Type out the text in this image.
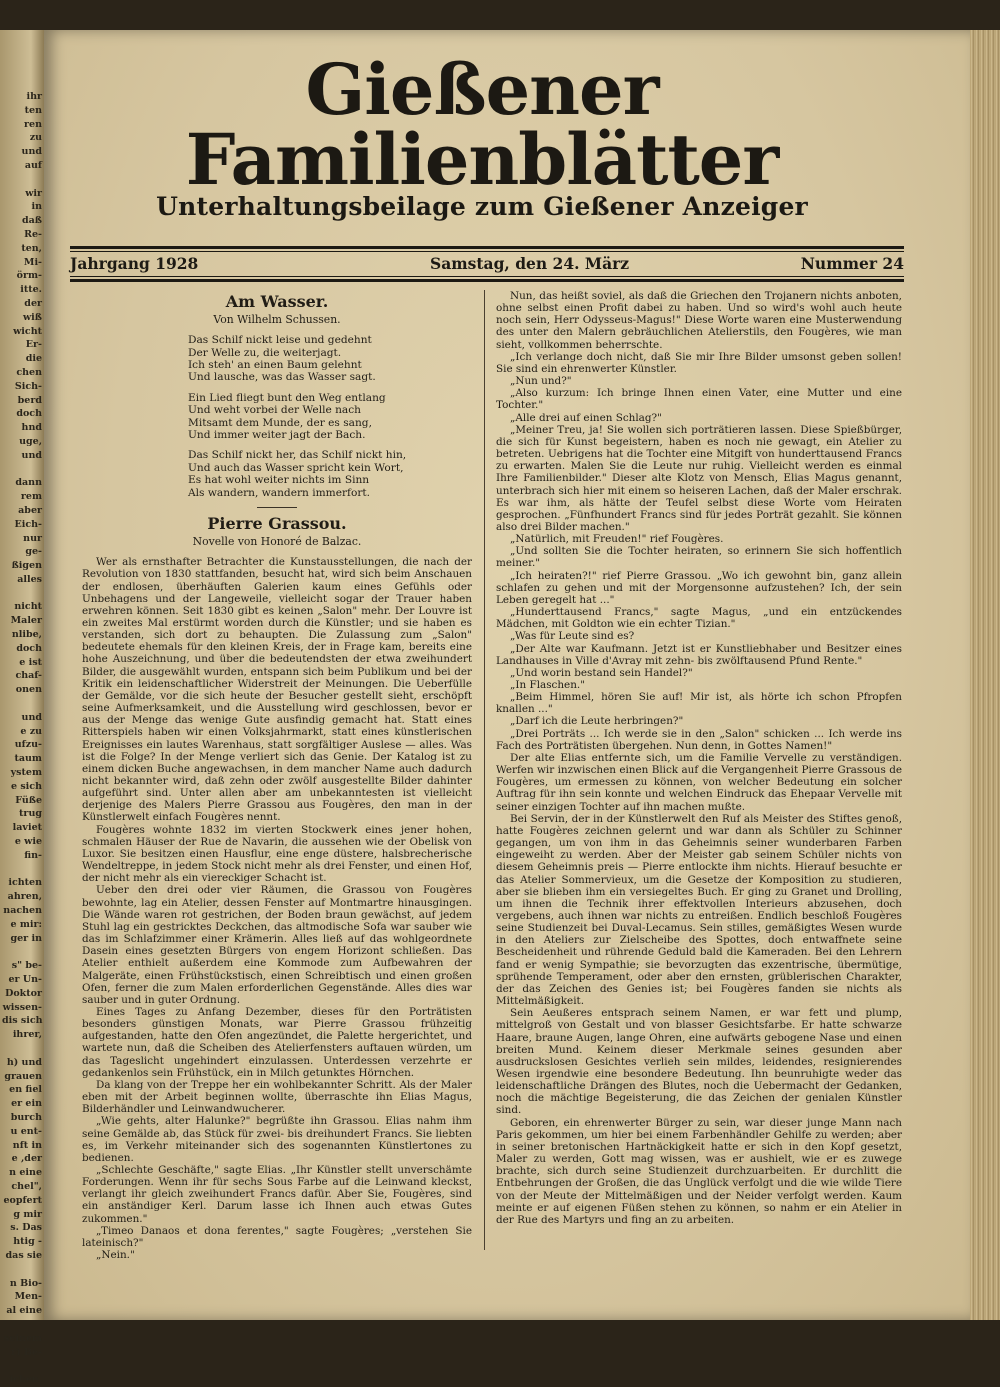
ihr
ten
ren
zu
und
auf

wir
in
daß
Re-
ten,
Mi-
örm-
itte.
der
wiß
wicht
Er-
die
chen
Sich-
berd
doch
hnd
uge,
und

dann
rem
aber
Eich-
nur
ge-
ßigen
alles

nicht
Maler
nlibe,
doch
e ist
chaf-
onen

und
e zu
ufzu-
taum
ystem
e sich
Füße
trug
laviet
e wie
fin-

ichten
ahren,
nachen
e mir:
ger in

s" be-
er Un-
Doktor
wissen-
dis sich
ihrer,

h) und
grauen
en fiel
er ein
burch
u ent-
nft in
e ,der
n eine
chel",
eopfert
g mir
s. Das
htig -
das sie

n Bio-
Men-
al eine

seinem
r) Be-

ichen.
Gießener Familienblätter
Unterhaltungsbeilage zum Gießener Anzeiger
Jahrgang 1928	Samstag, den 24. März	Nummer 24
Am Wasser.
Von Wilhelm Schussen.
Das Schilf nickt leise und gedehnt
Der Welle zu, die weiterjagt.
Ich steh' an einen Baum gelehnt
Und lausche, was das Wasser sagt.
Ein Lied fliegt bunt den Weg entlang
Und weht vorbei der Welle nach
Mitsamt dem Munde, der es sang,
Und immer weiter jagt der Bach.
Das Schilf nickt her, das Schilf nickt hin,
Und auch das Wasser spricht kein Wort,
Es hat wohl weiter nichts im Sinn
Als wandern, wandern immerfort.
Pierre Grassou.
Novelle von Honoré de Balzac.

Wer als ernsthafter Betrachter die Kunstausstellungen, die nach der Revolution von 1830 stattfanden, besucht hat, wird sich beim Anschauen der endlosen, überhäuften Galerien kaum eines Gefühls oder Unbehagens und der Langeweile, vielleicht sogar der Trauer haben erwehren können. Seit 1830 gibt es keinen „Salon" mehr. Der Louvre ist ein zweites Mal erstürmt worden durch die Künstler; und sie haben es verstanden, sich dort zu behaupten. Die Zulassung zum „Salon" bedeutete ehemals für den kleinen Kreis, der in Frage kam, bereits eine hohe Auszeichnung, und über die bedeutendsten der etwa zweihundert Bilder, die ausgewählt wurden, entspann sich beim Publikum und bei der Kritik ein leidenschaftlicher Widerstreit der Meinungen. Die Ueberfülle der Gemälde, vor die sich heute der Besucher gestellt sieht, erschöpft seine Aufmerksamkeit, und die Ausstellung wird geschlossen, bevor er aus der Menge das wenige Gute ausfindig gemacht hat. Statt eines Ritterspiels haben wir einen Volksjahrmarkt, statt eines künstlerischen Ereignisses ein lautes Warenhaus, statt sorgfältiger Auslese — alles. Was ist die Folge? In der Menge verliert sich das Genie. Der Katalog ist zu einem dicken Buche angewachsen, in dem mancher Name auch dadurch nicht bekannter wird, daß zehn oder zwölf ausgestellte Bilder dahinter aufgeführt sind. Unter allen aber am unbekanntesten ist vielleicht derjenige des Malers Pierre Grassou aus Fougères, den man in der Künstlerwelt einfach Fougères nennt.

Fougères wohnte 1832 im vierten Stockwerk eines jener hohen, schmalen Häuser der Rue de Navarin, die aussehen wie der Obelisk von Luxor. Sie besitzen einen Hausflur, eine enge düstere, halsbrecherische Wendeltreppe, in jedem Stock nicht mehr als drei Fenster, und einen Hof, der nicht mehr als ein viereckiger Schacht ist.

Ueber den drei oder vier Räumen, die Grassou von Fougères bewohnte, lag ein Atelier, dessen Fenster auf Montmartre hinausgingen. Die Wände waren rot gestrichen, der Boden braun gewächst, auf jedem Stuhl lag ein gestricktes Deckchen, das altmodische Sofa war sauber wie das im Schlafzimmer einer Krämerin. Alles ließ auf das wohlgeordnete Dasein eines gesetzten Bürgers von engem Horizont schließen. Das Atelier enthielt außerdem eine Kommode zum Aufbewahren der Malgeräte, einen Frühstückstisch, einen Schreibtisch und einen großen Ofen, ferner die zum Malen erforderlichen Gegenstände. Alles dies war sauber und in guter Ordnung.

Eines Tages zu Anfang Dezember, dieses für den Porträtisten besonders günstigen Monats, war Pierre Grassou frühzeitig aufgestanden, hatte den Ofen angezündet, die Palette hergerichtet, und wartete nun, daß die Scheiben des Atelierfensters auftauen würden, um das Tageslicht ungehindert einzulassen. Unterdessen verzehrte er gedankenlos sein Frühstück, ein in Milch getunktes Hörnchen.

Da klang von der Treppe her ein wohlbekannter Schritt. Als der Maler eben mit der Arbeit beginnen wollte, überraschte ihn Elias Magus, Bilderhändler und Leinwandwucherer.

„Wie gehts, alter Halunke?" begrüßte ihn Grassou. Elias nahm ihm seine Gemälde ab, das Stück für zwei- bis dreihundert Francs. Sie liebten es, im Verkehr miteinander sich des sogenannten Künstlertones zu bedienen.

„Schlechte Geschäfte," sagte Elias. „Ihr Künstler stellt unverschämte Forderungen. Wenn ihr für sechs Sous Farbe auf die Leinwand kleckst, verlangt ihr gleich zweihundert Francs dafür. Aber Sie, Fougères, sind ein anständiger Kerl. Darum lasse ich Ihnen auch etwas Gutes zukommen."

„Timeo Danaos et dona ferentes," sagte Fougères; „verstehen Sie lateinisch?"

„Nein."

Nun, das heißt soviel, als daß die Griechen den Trojanern nichts anboten, ohne selbst einen Profit dabei zu haben. Und so wird's wohl auch heute noch sein, Herr Odysseus-Magus!" Diese Worte waren eine Musterwendung des unter den Malern gebräuchlichen Atelierstils, den Fougères, wie man sieht, vollkommen beherrschte.

„Ich verlange doch nicht, daß Sie mir Ihre Bilder umsonst geben sollen! Sie sind ein ehrenwerter Künstler.

„Nun und?"

„Also kurzum: Ich bringe Ihnen einen Vater, eine Mutter und eine Tochter."

„Alle drei auf einen Schlag?"

„Meiner Treu, ja! Sie wollen sich porträtieren lassen. Diese Spießbürger, die sich für Kunst begeistern, haben es noch nie gewagt, ein Atelier zu betreten. Uebrigens hat die Tochter eine Mitgift von hunderttausend Francs zu erwarten. Malen Sie die Leute nur ruhig. Vielleicht werden es einmal Ihre Familienbilder." Dieser alte Klotz von Mensch, Elias Magus genannt, unterbrach sich hier mit einem so heiseren Lachen, daß der Maler erschrak. Es war ihm, als hätte der Teufel selbst diese Worte vom Heiraten gesprochen. „Fünfhundert Francs sind für jedes Porträt gezahlt. Sie können also drei Bilder machen."

„Natürlich, mit Freuden!" rief Fougères.

„Und sollten Sie die Tochter heiraten, so erinnern Sie sich hoffentlich meiner."

„Ich heiraten?!" rief Pierre Grassou. „Wo ich gewohnt bin, ganz allein schlafen zu gehen und mit der Morgensonne aufzustehen? Ich, der sein Leben geregelt hat ..."

„Hunderttausend Francs," sagte Magus, „und ein entzückendes Mädchen, mit Goldton wie ein echter Tizian."

„Was für Leute sind es?

„Der Alte war Kaufmann. Jetzt ist er Kunstliebhaber und Besitzer eines Landhauses in Ville d'Avray mit zehn- bis zwölftausend Pfund Rente."

„Und worin bestand sein Handel?"

„In Flaschen."

„Beim Himmel, hören Sie auf! Mir ist, als hörte ich schon Pfropfen knallen ..."

„Darf ich die Leute herbringen?"

„Drei Porträts ... Ich werde sie in den „Salon" schicken ... Ich werde ins Fach des Porträtisten übergehen. Nun denn, in Gottes Namen!"

Der alte Elias entfernte sich, um die Familie Vervelle zu verständigen. Werfen wir inzwischen einen Blick auf die Vergangenheit Pierre Grassous de Fougères, um ermessen zu können, von welcher Bedeutung ein solcher Auftrag für ihn sein konnte und welchen Eindruck das Ehepaar Vervelle mit seiner einzigen Tochter auf ihn machen mußte.

Bei Servin, der in der Künstlerwelt den Ruf als Meister des Stiftes genoß, hatte Fougères zeichnen gelernt und war dann als Schüler zu Schinner gegangen, um von ihm in das Geheimnis seiner wunderbaren Farben eingeweiht zu werden. Aber der Meister gab seinem Schüler nichts von diesem Geheimnis preis — Pierre entlockte ihm nichts. Hierauf besuchte er das Atelier Sommervieux, um die Gesetze der Komposition zu studieren, aber sie blieben ihm ein versiegeltes Buch. Er ging zu Granet und Drolling, um ihnen die Technik ihrer effektvollen Interieurs abzusehen, doch vergebens, auch ihnen war nichts zu entreißen. Endlich beschloß Fougères seine Studienzeit bei Duval-Lecamus. Sein stilles, gemäßigtes Wesen wurde in den Ateliers zur Zielscheibe des Spottes, doch entwaffnete seine Bescheidenheit und rührende Geduld bald die Kameraden. Bei den Lehrern fand er wenig Sympathie; sie bevorzugten das exzentrische, übermütige, sprühende Temperament, oder aber den ernsten, grüblerischen Charakter, der das Zeichen des Genies ist; bei Fougères fanden sie nichts als Mittelmäßigkeit.

Sein Aeußeres entsprach seinem Namen, er war fett und plump, mittelgroß von Gestalt und von blasser Gesichtsfarbe. Er hatte schwarze Haare, braune Augen, lange Ohren, eine aufwärts gebogene Nase und einen breiten Mund. Keinem dieser Merkmale seines gesunden aber ausdruckslosen Gesichtes verlieh sein mildes, leidendes, resignierendes Wesen irgendwie eine besondere Bedeutung. Ihn beunruhigte weder das leidenschaftliche Drängen des Blutes, noch die Uebermacht der Gedanken, noch die mächtige Begeisterung, die das Zeichen der genialen Künstler sind.

Geboren, ein ehrenwerter Bürger zu sein, war dieser junge Mann nach Paris gekommen, um hier bei einem Farbenhändler Gehilfe zu werden; aber in seiner bretonischen Hartnäckigkeit hatte er sich in den Kopf gesetzt, Maler zu werden, Gott mag wissen, was er aushielt, wie er es zuwege brachte, sich durch seine Studienzeit durchzuarbeiten. Er durchlitt die Entbehrungen der Großen, die das Unglück verfolgt und die wie wilde Tiere von der Meute der Mittelmäßigen und der Neider verfolgt werden. Kaum meinte er auf eigenen Füßen stehen zu können, so nahm er ein Atelier in der Rue des Martyrs und fing an zu arbeiten.
